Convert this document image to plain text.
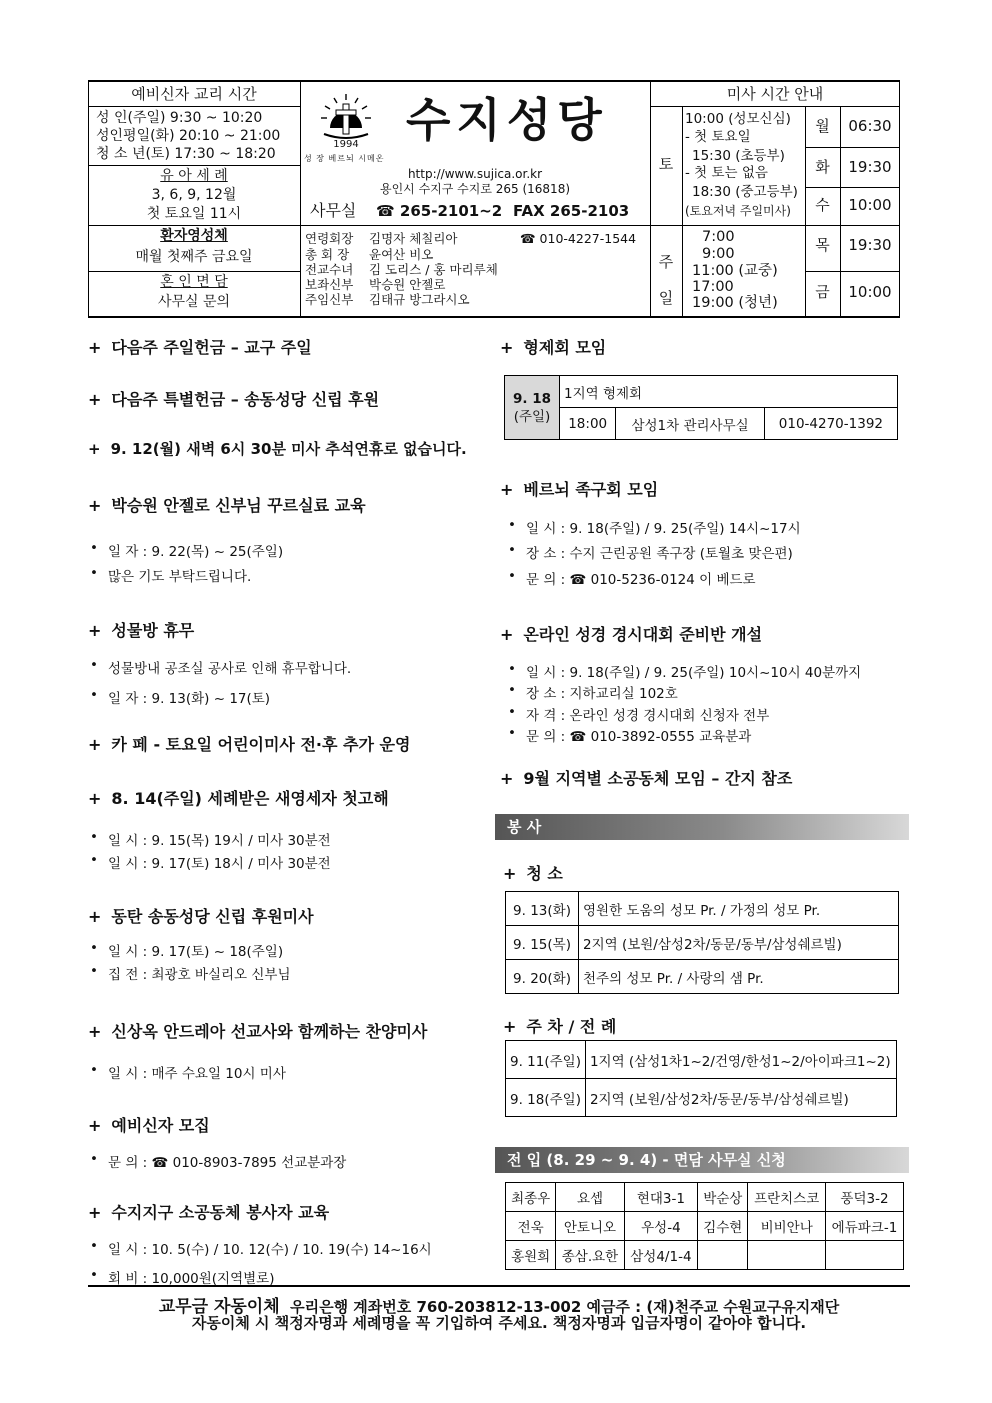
예비신자 교리 시간
성 인(주일) 9:30 ~ 10:20
성인평일(화) 20:10 ~ 21:00
청 소 년(토) 17:30 ~ 18:20
유 아 세 례
3, 6, 9, 12월
첫 토요일 11시
환자영성체
매월 첫째주 금요일
혼 인 면 담
사무실 문의
1994
성 장 베르뇌 시메온
수지성당
http://www.sujica.or.kr
용인시 수지구 수지로 265 (16818)
사무실 ☎ 265-2101~2 FAX 265-2103
연령회장 김명자 체칠리아	☎ 010-4227-1544
총 회 장 윤여산 비오
전교수녀 김 도리스 / 홍 마리루체
보좌신부 박승원 안젤로
주임신부 김태규 방그라시오
미사 시간 안내
토
10:00 (성모신심)
- 첫 토요일
15:30 (초등부)
- 첫 토는 없음
18:30 (중고등부)
(토요저녁 주일미사)
주
일
7:00
9:00
11:00 (교중)
17:00
19:00 (청년)
월	06:30
화	19:30
수	10:00
목	19:30
금	10:00
+ 다음주 주일헌금 – 교구 주일
+ 다음주 특별헌금 – 송동성당 신립 후원
+ 9. 12(월) 새벽 6시 30분 미사 추석연휴로 없습니다.
+ 박승원 안젤로 신부님 꾸르실료 교육
• 일 자 : 9. 22(목) ~ 25(주일)
• 많은 기도 부탁드립니다.
+ 성물방 휴무
• 성물방내 공조실 공사로 인해 휴무합니다.
• 일 자 : 9. 13(화) ~ 17(토)
+ 카 페 - 토요일 어린이미사 전·후 추가 운영
+ 8. 14(주일) 세례받은 새영세자 첫고해
• 일 시 : 9. 15(목) 19시 / 미사 30분전
• 일 시 : 9. 17(토) 18시 / 미사 30분전
+ 동탄 송동성당 신립 후원미사
• 일 시 : 9. 17(토) ~ 18(주일)
• 집 전 : 최광호 바실리오 신부님
+ 신상옥 안드레아 선교사와 함께하는 찬양미사
• 일 시 : 매주 수요일 10시 미사
+ 예비신자 모집
• 문 의 : ☎ 010-8903-7895 선교분과장
+ 수지지구 소공동체 봉사자 교육
• 일 시 : 10. 5(수) / 10. 12(수) / 10. 19(수) 14~16시
• 회 비 : 10,000원(지역별로)
+ 형제회 모임
9. 18
(주일)	1지역 형제회		
	18:00	삼성1차 관리사무실	010-4270-1392
+ 베르뇌 족구회 모임
• 일 시 : 9. 18(주일) / 9. 25(주일) 14시~17시
• 장 소 : 수지 근린공원 족구장 (토월초 맞은편)
• 문 의 : ☎ 010-5236-0124 이 베드로
+ 온라인 성경 경시대회 준비반 개설
• 일 시 : 9. 18(주일) / 9. 25(주일) 10시~10시 40분까지
• 장 소 : 지하교리실 102호
• 자 격 : 온라인 성경 경시대회 신청자 전부
• 문 의 : ☎ 010-3892-0555 교육분과
+ 9월 지역별 소공동체 모임 – 간지 참조
봉 사
+ 청 소
9. 13(화)	영원한 도움의 성모 Pr. / 가정의 성모 Pr.
9. 15(목)	2지역 (보원/삼성2차/동문/동부/삼성쉐르빌)
9. 20(화)	천주의 성모 Pr. / 사랑의 샘 Pr.
+ 주 차 / 전 례
9. 11(주일)	1지역 (삼성1차1~2/건영/한성1~2/아이파크1~2)
9. 18(주일)	2지역 (보원/삼성2차/동문/동부/삼성쉐르빌)
전 입 (8. 29 ~ 9. 4) - 면담 사무실 신청
최종우	요셉	현대3-1	박순상	프란치스코	풍덕3-2
전욱	안토니오	우성-4	김수현	비비안나	에듀파크-1
홍원희	종삼.요한	삼성4/1-4			
교무금 자동이체 우리은행 계좌번호 760-203812-13-002 예금주 : (재)천주교 수원교구유지재단
자동이체 시 책정자명과 세례명을 꼭 기입하여 주세요. 책정자명과 입금자명이 같아야 합니다.
